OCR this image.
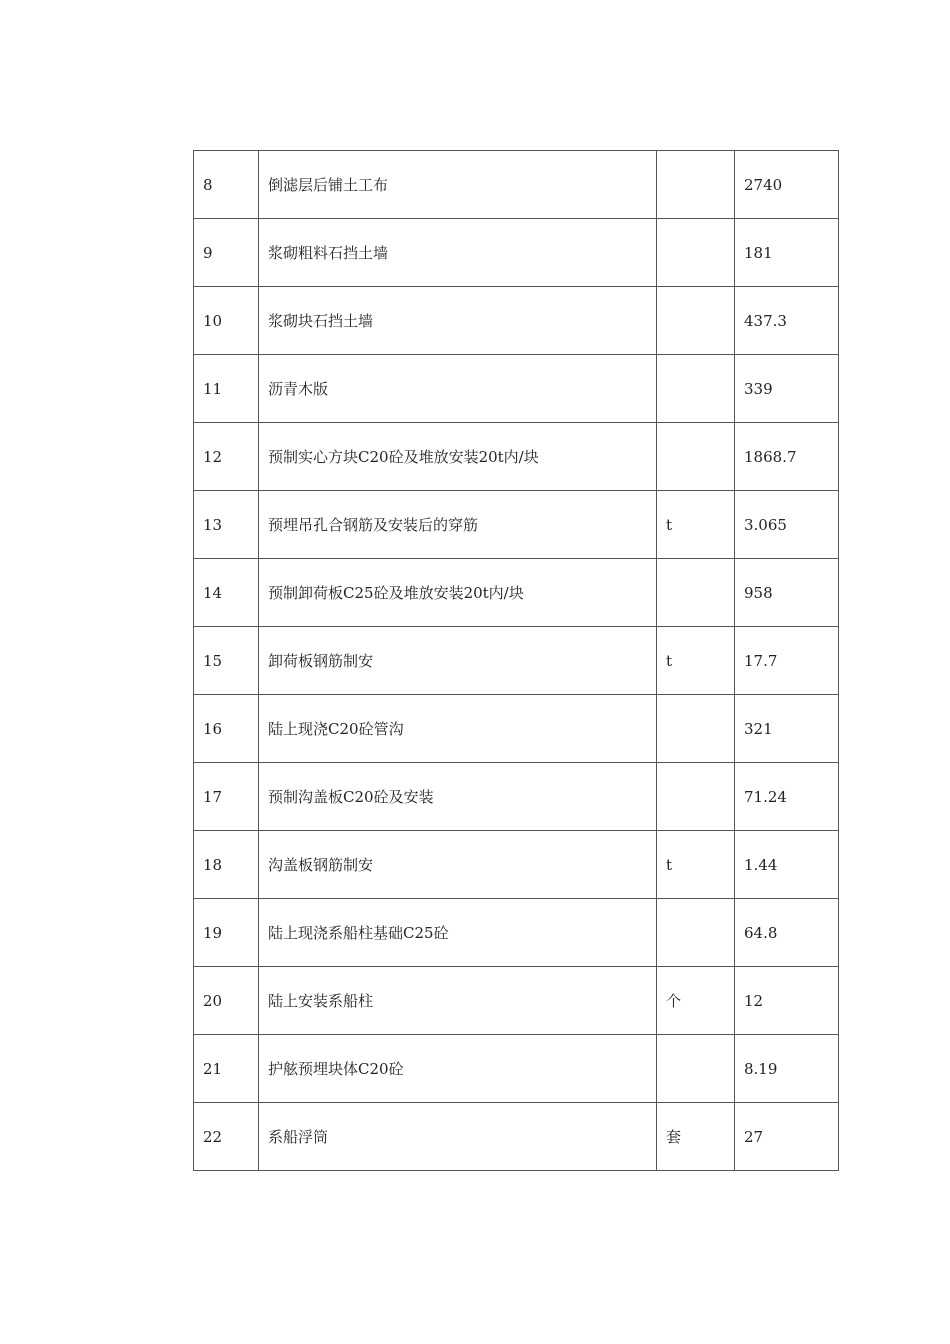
8	倒滤层后铺土工布		2740
9	浆砌粗料石挡土墙		181
10	浆砌块石挡土墙		437.3
11	沥青木版		339
12	预制实心方块C20砼及堆放安装20t内/块		1868.7
13	预埋吊孔合钢筋及安装后的穿筋	t	3.065
14	预制卸荷板C25砼及堆放安装20t内/块		958
15	卸荷板钢筋制安	t	17.7
16	陆上现浇C20砼管沟		321
17	预制沟盖板C20砼及安装		71.24
18	沟盖板钢筋制安	t	1.44
19	陆上现浇系船柱基础C25砼		64.8
20	陆上安装系船柱	个	12
21	护舷预埋块体C20砼		8.19
22	系船浮筒	套	27
